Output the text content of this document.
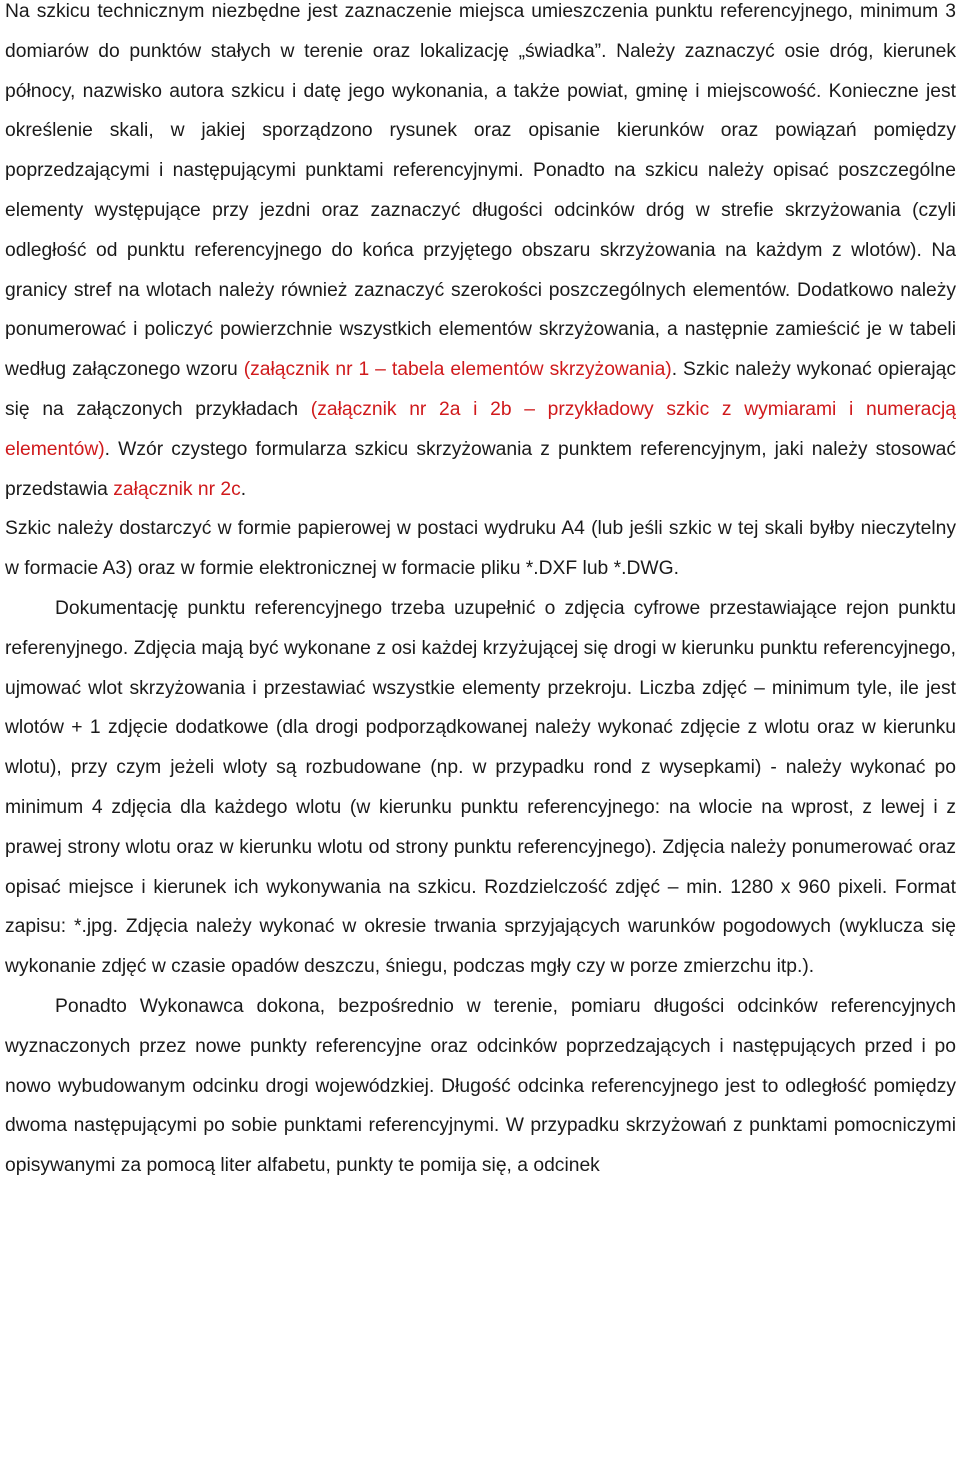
Na szkicu technicznym niezbędne jest zaznaczenie miejsca umieszczenia punktu referencyjnego, minimum 3 domiarów do punktów stałych w terenie oraz lokalizację „świadka”. Należy zaznaczyć osie dróg, kierunek północy, nazwisko autora szkicu i datę jego wykonania, a także powiat, gminę i miejscowość. Konieczne jest określenie skali, w jakiej sporządzono rysunek oraz opisanie kierunków oraz powiązań pomiędzy poprzedzającymi i następującymi punktami referencyjnymi. Ponadto na szkicu należy opisać poszczególne elementy występujące przy jezdni oraz zaznaczyć długości odcinków dróg w strefie skrzyżowania (czyli odległość od punktu referencyjnego do końca przyjętego obszaru skrzyżowania na każdym z wlotów). Na granicy stref na wlotach należy również zaznaczyć szerokości poszczególnych elementów. Dodatkowo należy ponumerować i policzyć powierzchnie wszystkich elementów skrzyżowania, a następnie zamieścić je w tabeli według załączonego wzoru (załącznik nr 1 – tabela elementów skrzyżowania). Szkic należy wykonać opierając się na załączonych przykładach (załącznik nr 2a i 2b – przykładowy szkic z wymiarami i numeracją elementów). Wzór czystego formularza szkicu skrzyżowania z punktem referencyjnym, jaki należy stosować przedstawia załącznik nr 2c.

Szkic należy dostarczyć w formie papierowej w postaci wydruku A4 (lub jeśli szkic w tej skali byłby nieczytelny w formacie A3) oraz w formie elektronicznej w formacie pliku *.DXF lub *.DWG.

Dokumentację punktu referencyjnego trzeba uzupełnić o zdjęcia cyfrowe przestawiające rejon punktu referenyjnego. Zdjęcia mają być wykonane z osi każdej krzyżującej się drogi w kierunku punktu referencyjnego, ujmować wlot skrzyżowania i przestawiać wszystkie elementy przekroju. Liczba zdjęć – minimum tyle, ile jest wlotów + 1 zdjęcie dodatkowe (dla drogi podporządkowanej należy wykonać zdjęcie z wlotu oraz w kierunku wlotu), przy czym jeżeli wloty są rozbudowane (np. w przypadku rond z wysepkami) - należy wykonać po minimum 4 zdjęcia dla każdego wlotu (w kierunku punktu referencyjnego: na wlocie na wprost, z lewej i z prawej strony wlotu oraz w kierunku wlotu od strony punktu referencyjnego). Zdjęcia należy ponumerować oraz opisać miejsce i kierunek ich wykonywania na szkicu. Rozdzielczość zdjęć – min. 1280 x 960 pixeli. Format zapisu: *.jpg. Zdjęcia należy wykonać w okresie trwania sprzyjających warunków pogodowych (wyklucza się wykonanie zdjęć w czasie opadów deszczu, śniegu, podczas mgły czy w porze zmierzchu itp.).

Ponadto Wykonawca dokona, bezpośrednio w terenie, pomiaru długości odcinków referencyjnych wyznaczonych przez nowe punkty referencyjne oraz odcinków poprzedzających i następujących przed i po nowo wybudowanym odcinku drogi wojewódzkiej. Długość odcinka referencyjnego jest to odległość pomiędzy dwoma następującymi po sobie punktami referencyjnymi. W przypadku skrzyżowań z punktami pomocniczymi opisywanymi za pomocą liter alfabetu, punkty te pomija się, a odcinek
